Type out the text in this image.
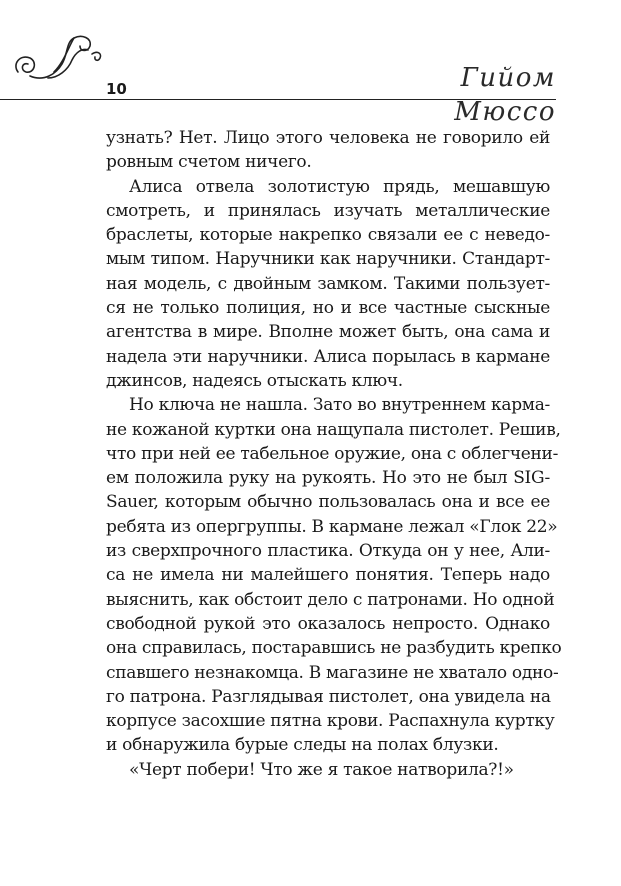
10	Гийом Мюссо
узнать? Нет. Лицо этого человека не говорило ей
ровным счетом ничего.
Алиса отвела золотистую прядь, мешавшую
смотреть, и принялась изучать металлические
браслеты, которые накрепко связали ее с неведо-
мым типом. Наручники как наручники. Стандарт-
ная модель, с двойным замком. Такими пользует-
ся не только полиция, но и все частные сыскные
агентства в мире. Вполне может быть, она сама и
надела эти наручники. Алиса порылась в кармане
джинсов, надеясь отыскать ключ.
Но ключа не нашла. Зато во внутреннем карма-
не кожаной куртки она нащупала пистолет. Решив,
что при ней ее табельное оружие, она с облегчени-
ем положила руку на рукоять. Но это не был SIG-
Sauer, которым обычно пользовалась она и все ее
ребята из опергруппы. В кармане лежал «Глок 22»
из сверхпрочного пластика. Откуда он у нее, Али-
са не имела ни малейшего понятия. Теперь надо
выяснить, как обстоит дело с патронами. Но одной
свободной рукой это оказалось непросто. Однако
она справилась, постаравшись не разбудить крепко
спавшего незнакомца. В магазине не хватало одно-
го патрона. Разглядывая пистолет, она увидела на
корпусе засохшие пятна крови. Распахнула куртку
и обнаружила бурые следы на полах блузки.
«Черт побери! Что же я такое натворила?!»
